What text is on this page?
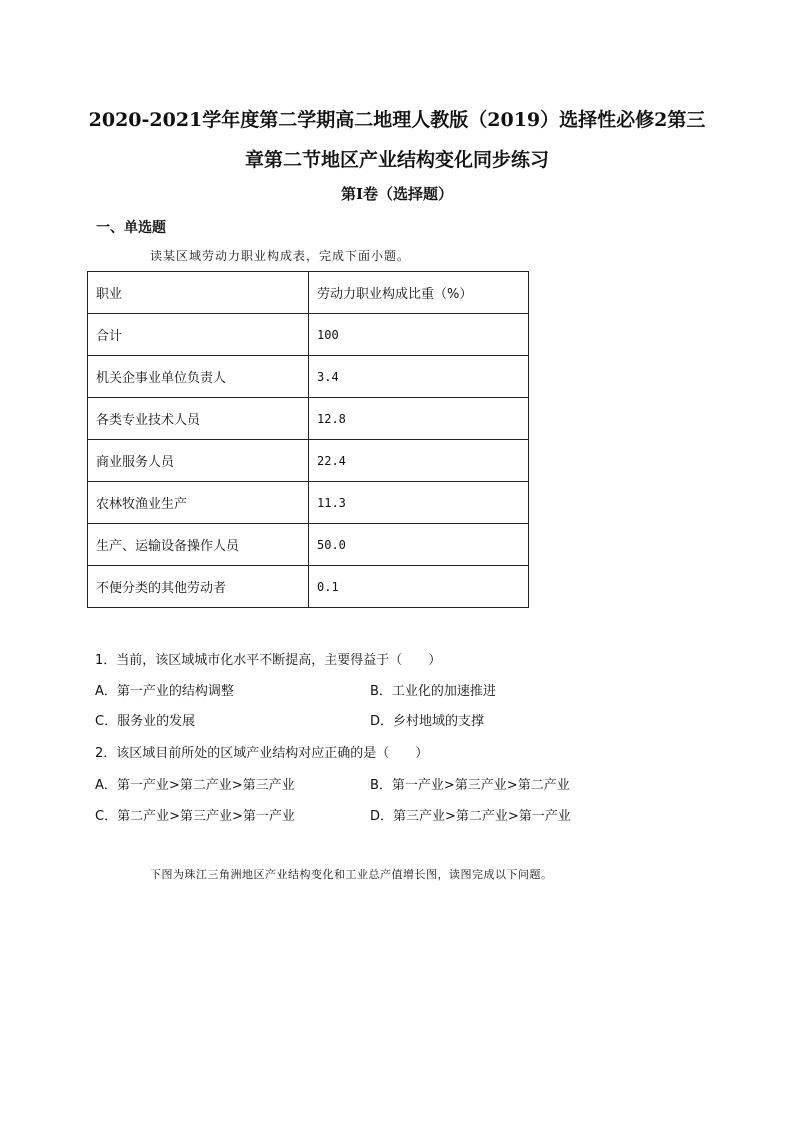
2020-2021学年度第二学期高二地理人教版（2019）选择性必修2第三
章第二节地区产业结构变化同步练习

第I卷（选择题）

一、单选题

读某区域劳动力职业构成表，完成下面小题。

职业	劳动力职业构成比重（%）
合计	100
机关企事业单位负责人	3.4
各类专业技术人员	12.8
商业服务人员	22.4
农林牧渔业生产	11.3
生产、运输设备操作人员	50.0
不便分类的其他劳动者	0.1

1．当前，该区域城市化水平不断提高，主要得益于（　　）

A．第一产业的结构调整	B．工业化的加速推进

C．服务业的发展	D．乡村地域的支撑

2．该区域目前所处的区域产业结构对应正确的是（　　）

A．第一产业>第二产业>第三产业	B．第一产业>第三产业>第二产业

C．第二产业>第三产业>第一产业	D．第三产业>第二产业>第一产业

下图为珠江三角洲地区产业结构变化和工业总产值增长图，读图完成以下问题。
